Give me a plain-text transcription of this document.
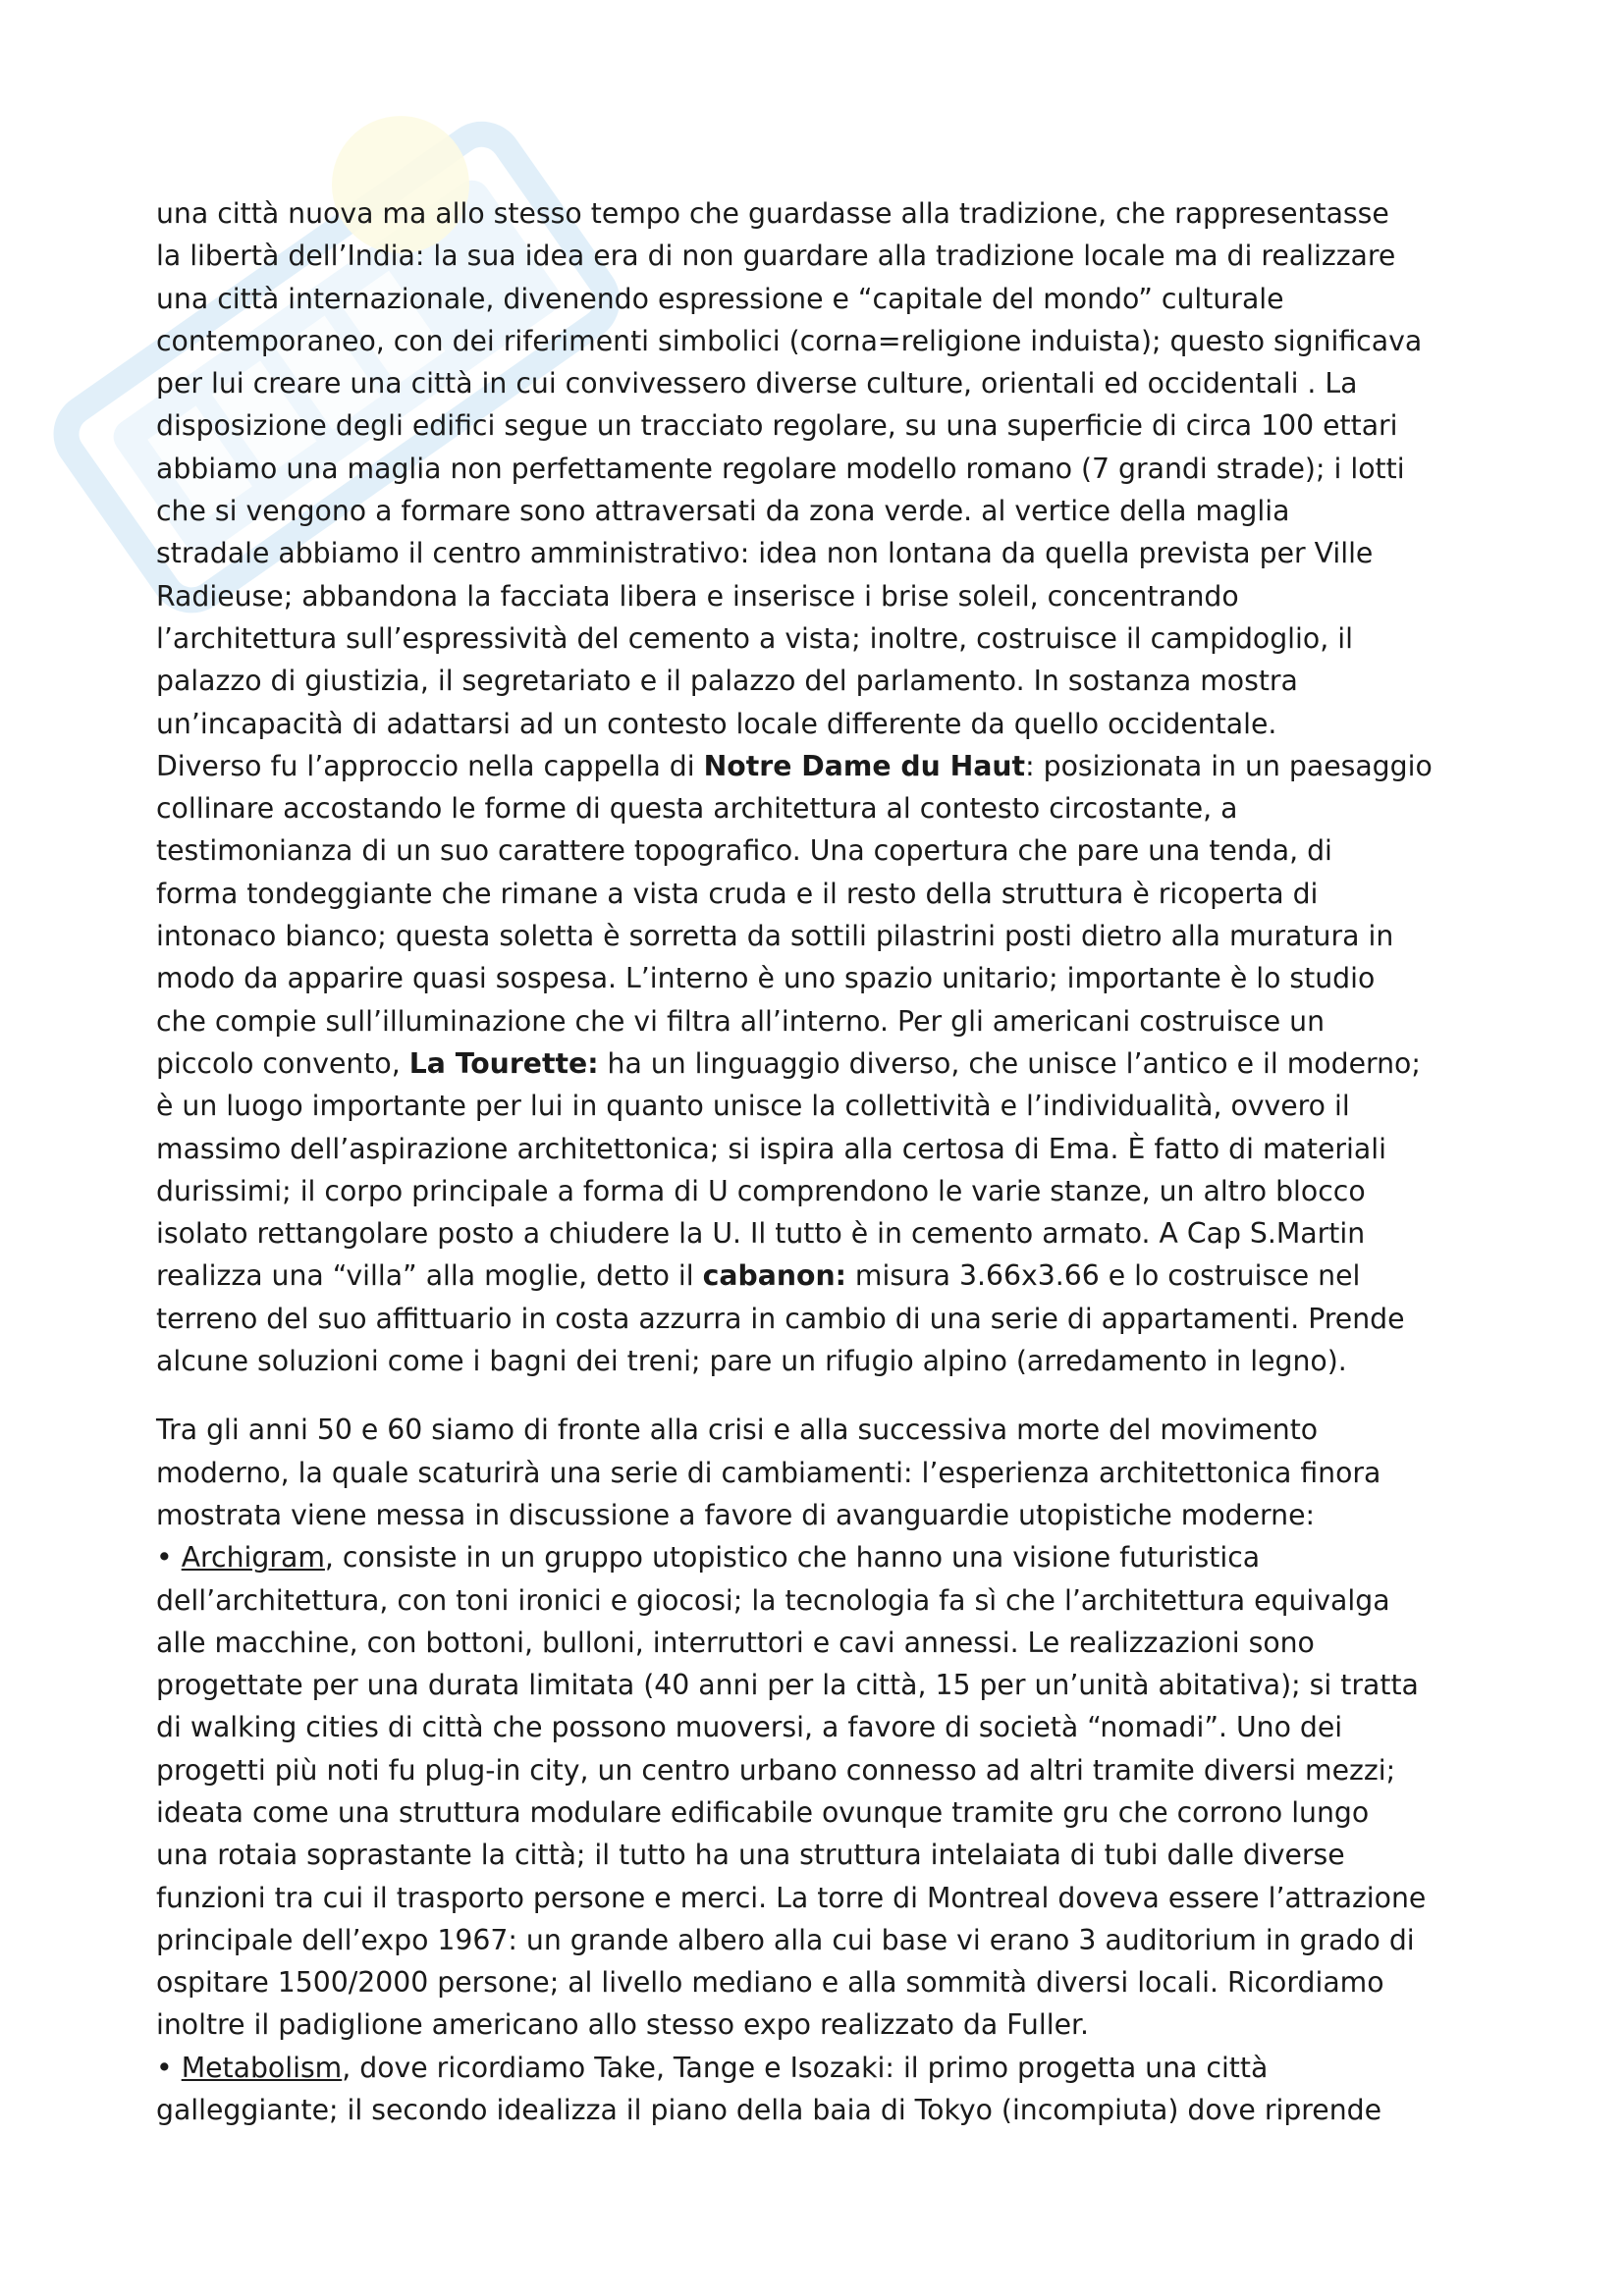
una città nuova ma allo stesso tempo che guardasse alla tradizione, che rappresentasse
la libertà dell’India: la sua idea era di non guardare alla tradizione locale ma di realizzare
una città internazionale, divenendo espressione e “capitale del mondo” culturale
contemporaneo, con dei riferimenti simbolici (corna=religione induista); questo significava
per lui creare una città in cui convivessero diverse culture, orientali ed occidentali . La
disposizione degli edifici segue un tracciato regolare, su una superficie di circa 100 ettari
abbiamo una maglia non perfettamente regolare modello romano (7 grandi strade); i lotti
che si vengono a formare sono attraversati da zona verde. al vertice della maglia
stradale abbiamo il centro amministrativo: idea non lontana da quella prevista per Ville
Radieuse; abbandona la facciata libera e inserisce i brise soleil, concentrando
l’architettura sull’espressività del cemento a vista; inoltre, costruisce il campidoglio, il
palazzo di giustizia, il segretariato e il palazzo del parlamento. In sostanza mostra
un’incapacità di adattarsi ad un contesto locale differente da quello occidentale.
Diverso fu l’approccio nella cappella di Notre Dame du Haut: posizionata in un paesaggio
collinare accostando le forme di questa architettura al contesto circostante, a
testimonianza di un suo carattere topografico. Una copertura che pare una tenda, di
forma tondeggiante che rimane a vista cruda e il resto della struttura è ricoperta di
intonaco bianco; questa soletta è sorretta da sottili pilastrini posti dietro alla muratura in
modo da apparire quasi sospesa. L’interno è uno spazio unitario; importante è lo studio
che compie sull’illuminazione che vi filtra all’interno. Per gli americani costruisce un
piccolo convento, La Tourette: ha un linguaggio diverso, che unisce l’antico e il moderno;
è un luogo importante per lui in quanto unisce la collettività e l’individualità, ovvero il
massimo dell’aspirazione architettonica; si ispira alla certosa di Ema. È fatto di materiali
durissimi; il corpo principale a forma di U comprendono le varie stanze, un altro blocco
isolato rettangolare posto a chiudere la U. Il tutto è in cemento armato. A Cap S.Martin
realizza una “villa” alla moglie, detto il cabanon: misura 3.66x3.66 e lo costruisce nel
terreno del suo affittuario in costa azzurra in cambio di una serie di appartamenti. Prende
alcune soluzioni come i bagni dei treni; pare un rifugio alpino (arredamento in legno).
Tra gli anni 50 e 60 siamo di fronte alla crisi e alla successiva morte del movimento
moderno, la quale scaturirà una serie di cambiamenti: l’esperienza architettonica finora
mostrata viene messa in discussione a favore di avanguardie utopistiche moderne:
• Archigram, consiste in un gruppo utopistico che hanno una visione futuristica
dell’architettura, con toni ironici e giocosi; la tecnologia fa sì che l’architettura equivalga
alle macchine, con bottoni, bulloni, interruttori e cavi annessi. Le realizzazioni sono
progettate per una durata limitata (40 anni per la città, 15 per un’unità abitativa); si tratta
di walking cities di città che possono muoversi, a favore di società “nomadi”. Uno dei
progetti più noti fu plug-in city, un centro urbano connesso ad altri tramite diversi mezzi;
ideata come una struttura modulare edificabile ovunque tramite gru che corrono lungo
una rotaia soprastante la città; il tutto ha una struttura intelaiata di tubi dalle diverse
funzioni tra cui il trasporto persone e merci. La torre di Montreal doveva essere l’attrazione
principale dell’expo 1967: un grande albero alla cui base vi erano 3 auditorium in grado di
ospitare 1500/2000 persone; al livello mediano e alla sommità diversi locali. Ricordiamo
inoltre il padiglione americano allo stesso expo realizzato da Fuller.
• Metabolism, dove ricordiamo Take, Tange e Isozaki: il primo progetta una città
galleggiante; il secondo idealizza il piano della baia di Tokyo (incompiuta) dove riprende
